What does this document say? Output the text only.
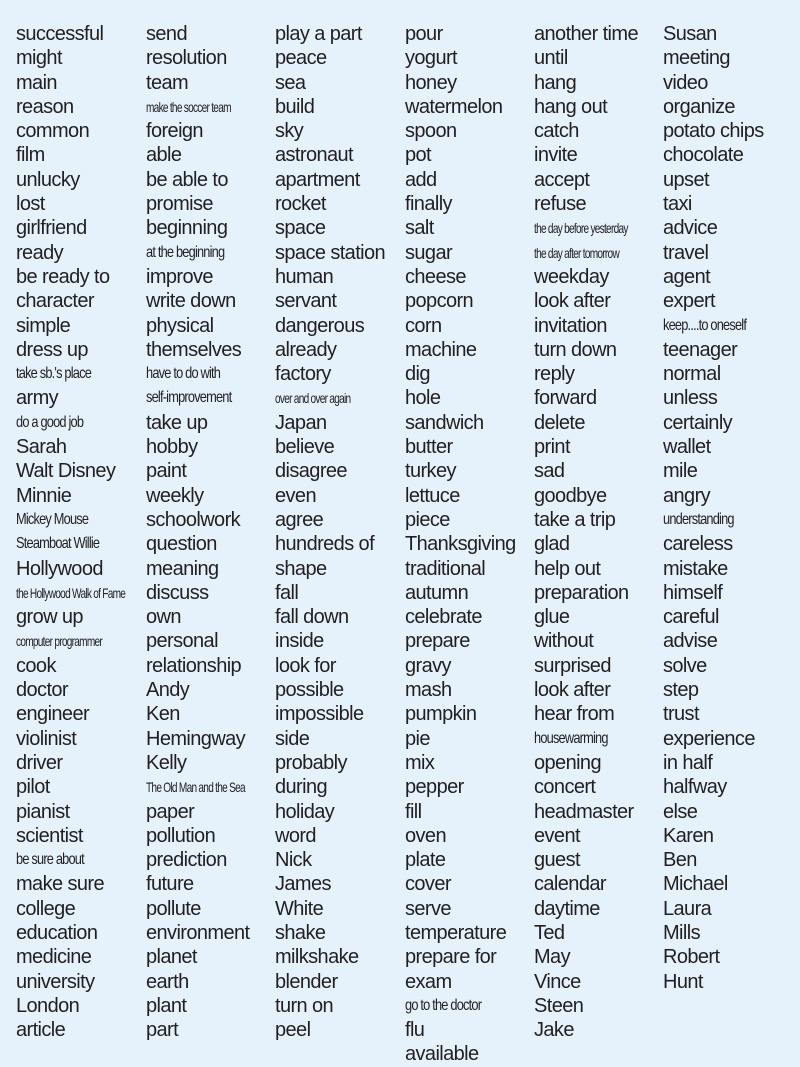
successful
might
main
reason
common
film
unlucky
lost
girlfriend
ready
be ready to
character
simple
dress up
take sb.'s place
army
do a good job
Sarah
Walt Disney
Minnie
Mickey Mouse
Steamboat Willie
Hollywood
the Hollywood Walk of Fame
grow up
computer programmer
cook
doctor
engineer
violinist
driver
pilot
pianist
scientist
be sure about
make sure
college
education
medicine
university
London
article
send
resolution
team
make the soccer team
foreign
able
be able to
promise
beginning
at the beginning
improve
write down
physical
themselves
have to do with
self-improvement
take up
hobby
paint
weekly
schoolwork
question
meaning
discuss
own
personal
relationship
Andy
Ken
Hemingway
Kelly
The Old Man and the Sea
paper
pollution
prediction
future
pollute
environment
planet
earth
plant
part
play a part
peace
sea
build
sky
astronaut
apartment
rocket
space
space station
human
servant
dangerous
already
factory
over and over again
Japan
believe
disagree
even
agree
hundreds of
shape
fall
fall down
inside
look for
possible
impossible
side
probably
during
holiday
word
Nick
James
White
shake
milkshake
blender
turn on
peel
pour
yogurt
honey
watermelon
spoon
pot
add
finally
salt
sugar
cheese
popcorn
corn
machine
dig
hole
sandwich
butter
turkey
lettuce
piece
Thanksgiving
traditional
autumn
celebrate
prepare
gravy
mash
pumpkin
pie
mix
pepper
fill
oven
plate
cover
serve
temperature
prepare for
exam
go to the doctor
flu
available
another time
until
hang
hang out
catch
invite
accept
refuse
the day before yesterday
the day after tomorrow
weekday
look after
invitation
turn down
reply
forward
delete
print
sad
goodbye
take a trip
glad
help out
preparation
glue
without
surprised
look after
hear from
housewarming
opening
concert
headmaster
event
guest
calendar
daytime
Ted
May
Vince
Steen
Jake
Susan
meeting
video
organize
potato chips
chocolate
upset
taxi
advice
travel
agent
expert
keep....to oneself
teenager
normal
unless
certainly
wallet
mile
angry
understanding
careless
mistake
himself
careful
advise
solve
step
trust
experience
in half
halfway
else
Karen
Ben
Michael
Laura
Mills
Robert
Hunt
